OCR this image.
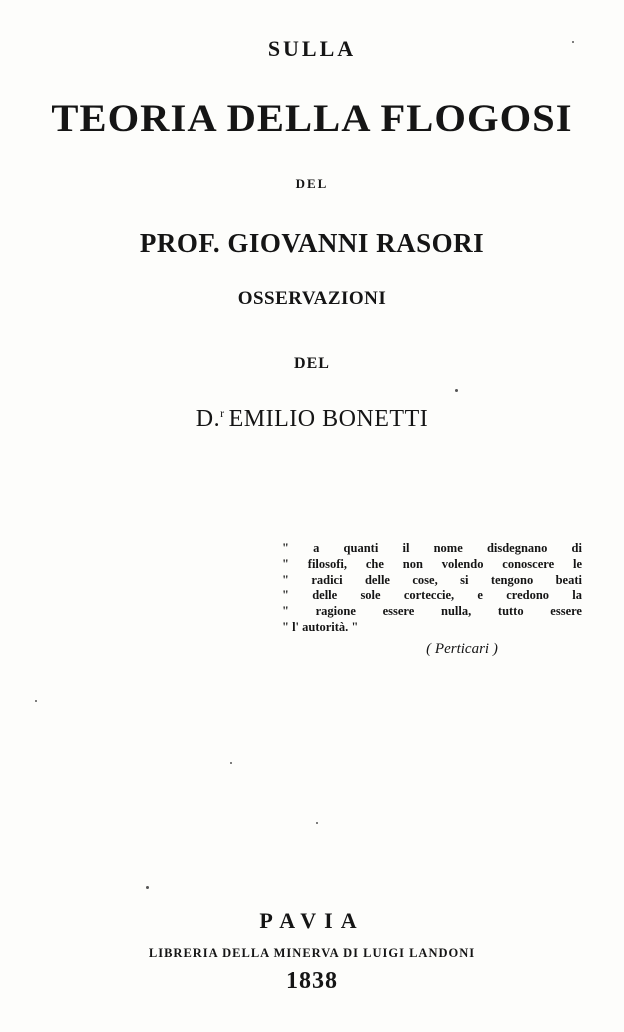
SULLA
TEORIA DELLA FLOGOSI
DEL
PROF. GIOVANNI RASORI
OSSERVAZIONI
DEL
D.$^r$ EMILIO BONETTI
" a quanti il nome disdegnano di
" filosofi, che non volendo conoscere le
" radici delle cose, si tengono beati
" delle sole corteccie, e credono la
" ragione essere nulla, tutto essere
" l' autorità. "
( Perticari )
PAVIA
LIBRERIA DELLA MINERVA DI LUIGI LANDONI
1838
